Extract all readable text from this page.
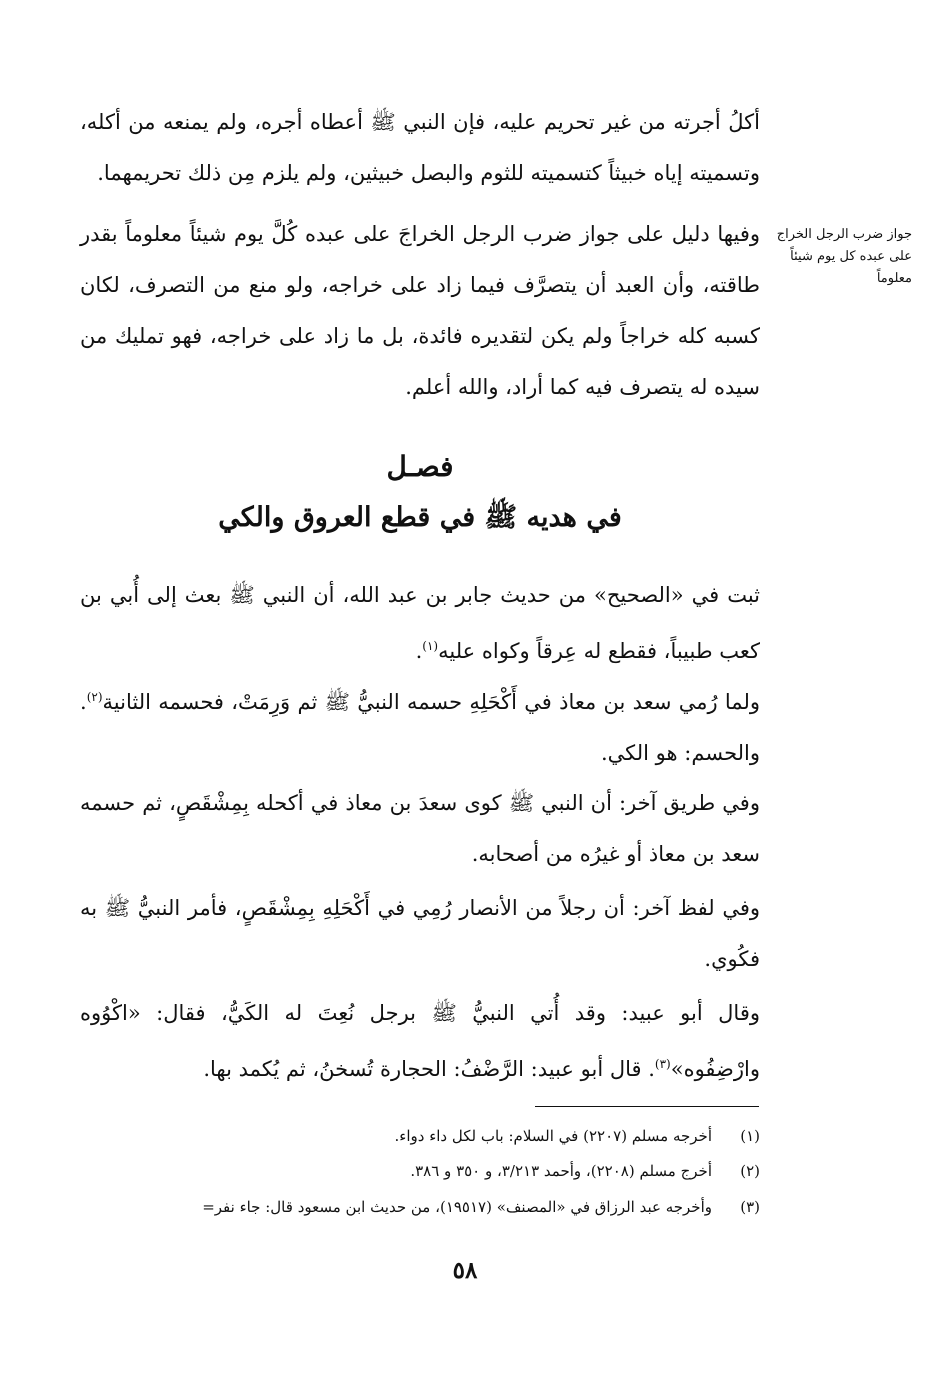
أكلُ أجرته من غير تحريم عليه، فإن النبي ﷺ أعطاه أجره، ولم يمنعه من أكله، وتسميته إياه خبيثاً كتسميته للثوم والبصل خبيثين، ولم يلزم مِن ذلك تحريمهما.

وفيها دليل على جواز ضرب الرجل الخراجَ على عبده كُلَّ يوم شيئاً معلوماً بقدر طاقته، وأن العبد أن يتصرَّف فيما زاد على خراجه، ولو منع من التصرف، لكان كسبه كله خراجاً ولم يكن لتقديره فائدة، بل ما زاد على خراجه، فهو تمليك من سيده له يتصرف فيه كما أراد، والله أعلم.

جواز ضرب الرجل الخراج على عبده كل يوم شيئاً معلوماً
فصـل
في هديه ﷺ في قطع العروق والكي

ثبت في «الصحيح» من حديث جابر بن عبد الله، أن النبي ﷺ بعث إلى أُبي بن كعب طبيباً، فقطع له عِرقاً وكواه عليه$^{(١)}$.

ولما رُمي سعد بن معاذ في أَكْحَلِهِ حسمه النبيُّ ﷺ ثم وَرِمَتْ، فحسمه الثانية$^{(٢)}$. والحسم: هو الكي.

وفي طريق آخر: أن النبي ﷺ كوى سعدَ بن معاذ في أكحله بِمِشْقَصٍ، ثم حسمه سعد بن معاذ أو غيرُه من أصحابه.

وفي لفظ آخر: أن رجلاً من الأنصار رُمِي في أَكْحَلِهِ بِمِشْقَصٍ، فأمر النبيُّ ﷺ به فكُوي.

وقال أبو عبيد: وقد أُتي النبيُّ ﷺ برجل نُعِتَ له الكَيُّ، فقال: «اكْوُوه وارْضِفُوه»$^{(٣)}$. قال أبو عبيد: الرَّضْفُ: الحجارة تُسخنُ، ثم يُكمد بها.

(١)أخرجه مسلم (٢٢٠٧) في السلام: باب لكل داء دواء.
(٢)أخرج مسلم (٢٢٠٨)، وأحمد ٣/٢١٣، و ٣٥٠ و ٣٨٦.
(٣)وأخرجه عبد الرزاق في «المصنف» (١٩٥١٧)، من حديث ابن مسعود قال: جاء نفر=
٥٨
